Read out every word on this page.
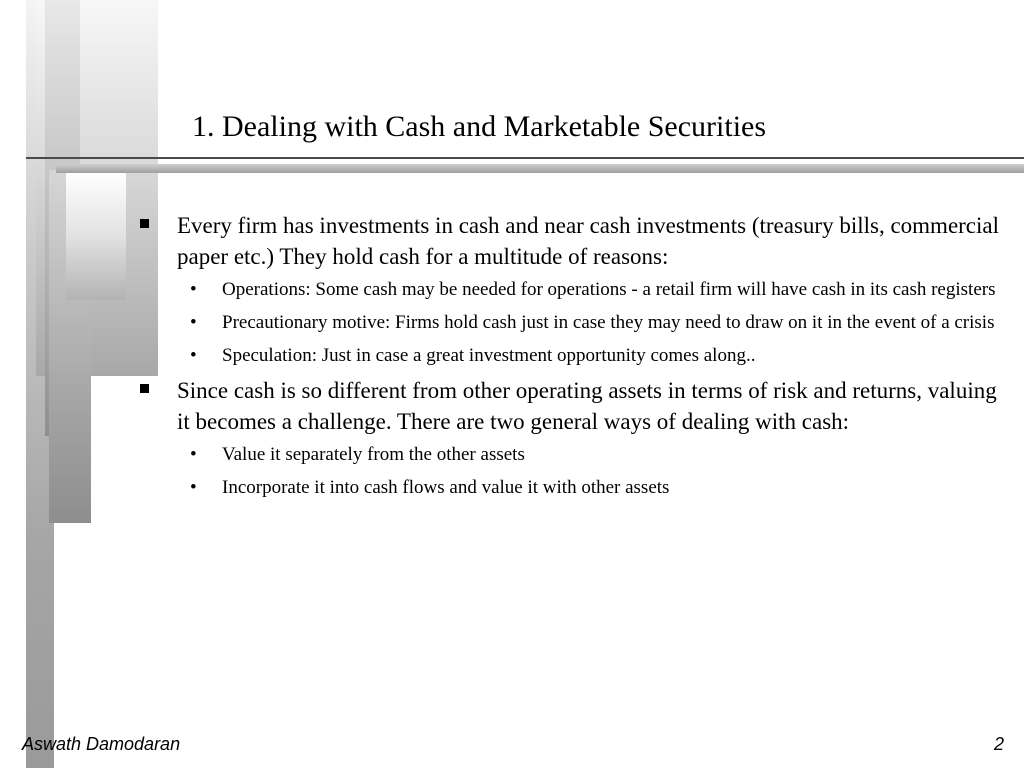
1. Dealing with Cash and Marketable Securities
Every firm has investments in cash and near cash investments (treasury bills, commercial paper etc.) They hold cash for a multitude of reasons:
• Operations: Some cash may be needed for operations - a retail firm will have cash in its cash registers
• Precautionary motive: Firms hold cash just in case they may need to draw on it in the event of a crisis
• Speculation: Just in case a great investment opportunity comes along..
Since cash is so different from other operating assets in terms of risk and returns, valuing it becomes a challenge. There are two general ways of dealing with cash:
• Value it separately from the other assets
• Incorporate it into cash flows and value it with other assets
Aswath Damodaran	2
